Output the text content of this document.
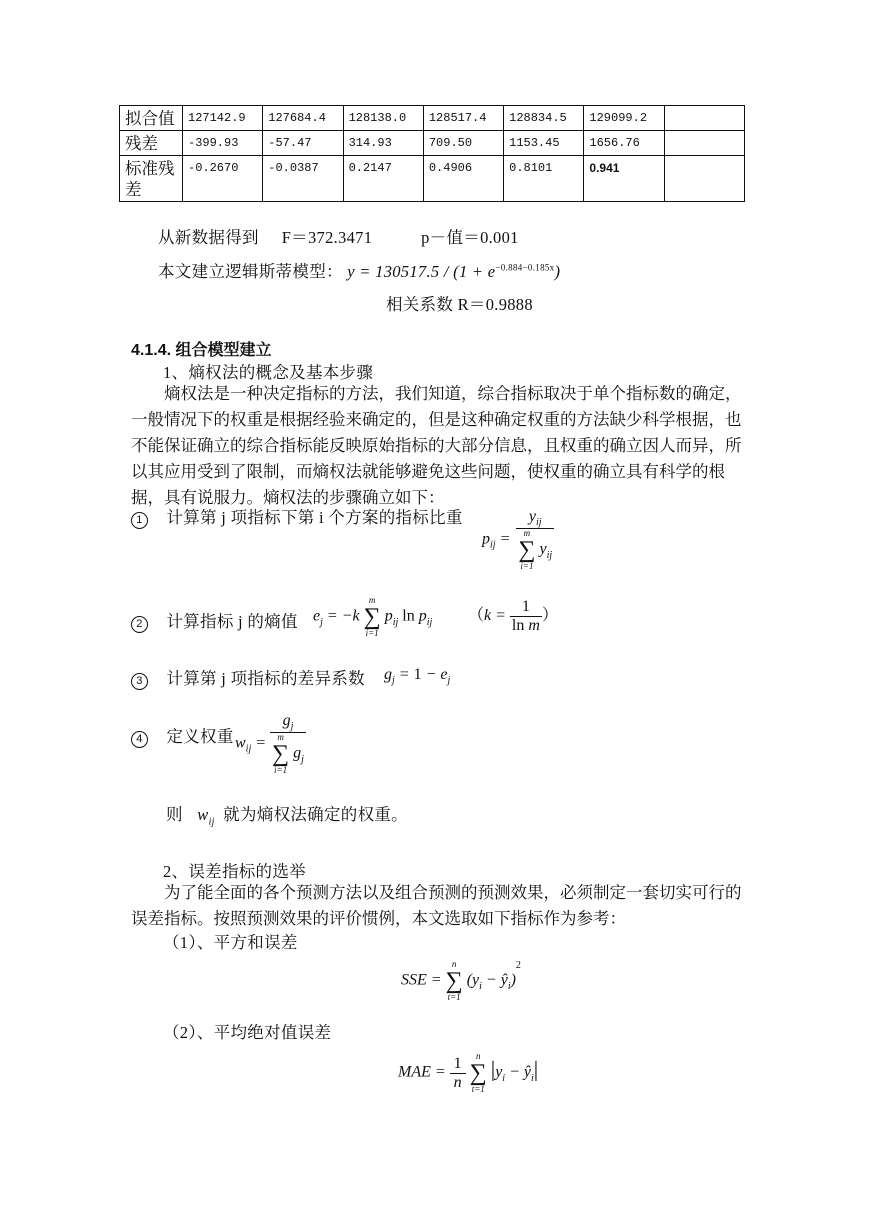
拟合值	127142.9	127684.4	128138.0	128517.4	128834.5	129099.2	
残差	-399.93	-57.47	314.93	709.50	1153.45	1656.76	
标准残差	-0.2670	-0.0387	0.2147	0.4906	0.8101	0.941	
从新数据得到 F＝372.3471	p－值＝0.001
本文建立逻辑斯蒂模型： $y = 130517.5 / (1 + e^{-0.884-0.185x})$
相关系数 R＝0.9888
4.1.4. 组合模型建立
1、熵权法的概念及基本步骤
熵权法是一种决定指标的方法，我们知道，综合指标取决于单个指标数的确定，一般情况下的权重是根据经验来确定的，但是这种确定权重的方法缺少科学根据，也不能保证确立的综合指标能反映原始指标的大部分信息，且权重的确立因人而异，所以其应用受到了限制，而熵权法就能够避免这些问题，使权重的确立具有科学的根据，具有说服力。熵权法的步骤确立如下：
1 计算第 j 项指标下第 i 个方案的指标比重
$p_{ij} = y_{ij}$
m
∑
i=1
$y_{ij}$
2 计算指标 j 的熵值 $e_j = -k$
m
∑
i=1
$p_{ij}$ $\ln p_{ij}$ （$k = \frac{1}{\text{ln m}}$ ）
3 计算第 j 项指标的差异系数 $g_j = 1 - e_j$
4 定义权重 $w_{ij} = g_j$
m
∑
i=1
$g_j$
则 $w_{ij}$ 就为熵权法确定的权重。
2、误差指标的选举
为了能全面的各个预测方法以及组合预测的预测效果，必须制定一套切实可行的误差指标。按照预测效果的评价惯例，本文选取如下指标作为参考：
（1）、平方和误差
SSE =
n
∑
t=1
($y_i$ − $ŷ_i)^2$
（2）、平均绝对值误差
MAE = $\frac{1}{n}$
	n
∑
t=1
$|y_i$ − $ŷ_i|$
